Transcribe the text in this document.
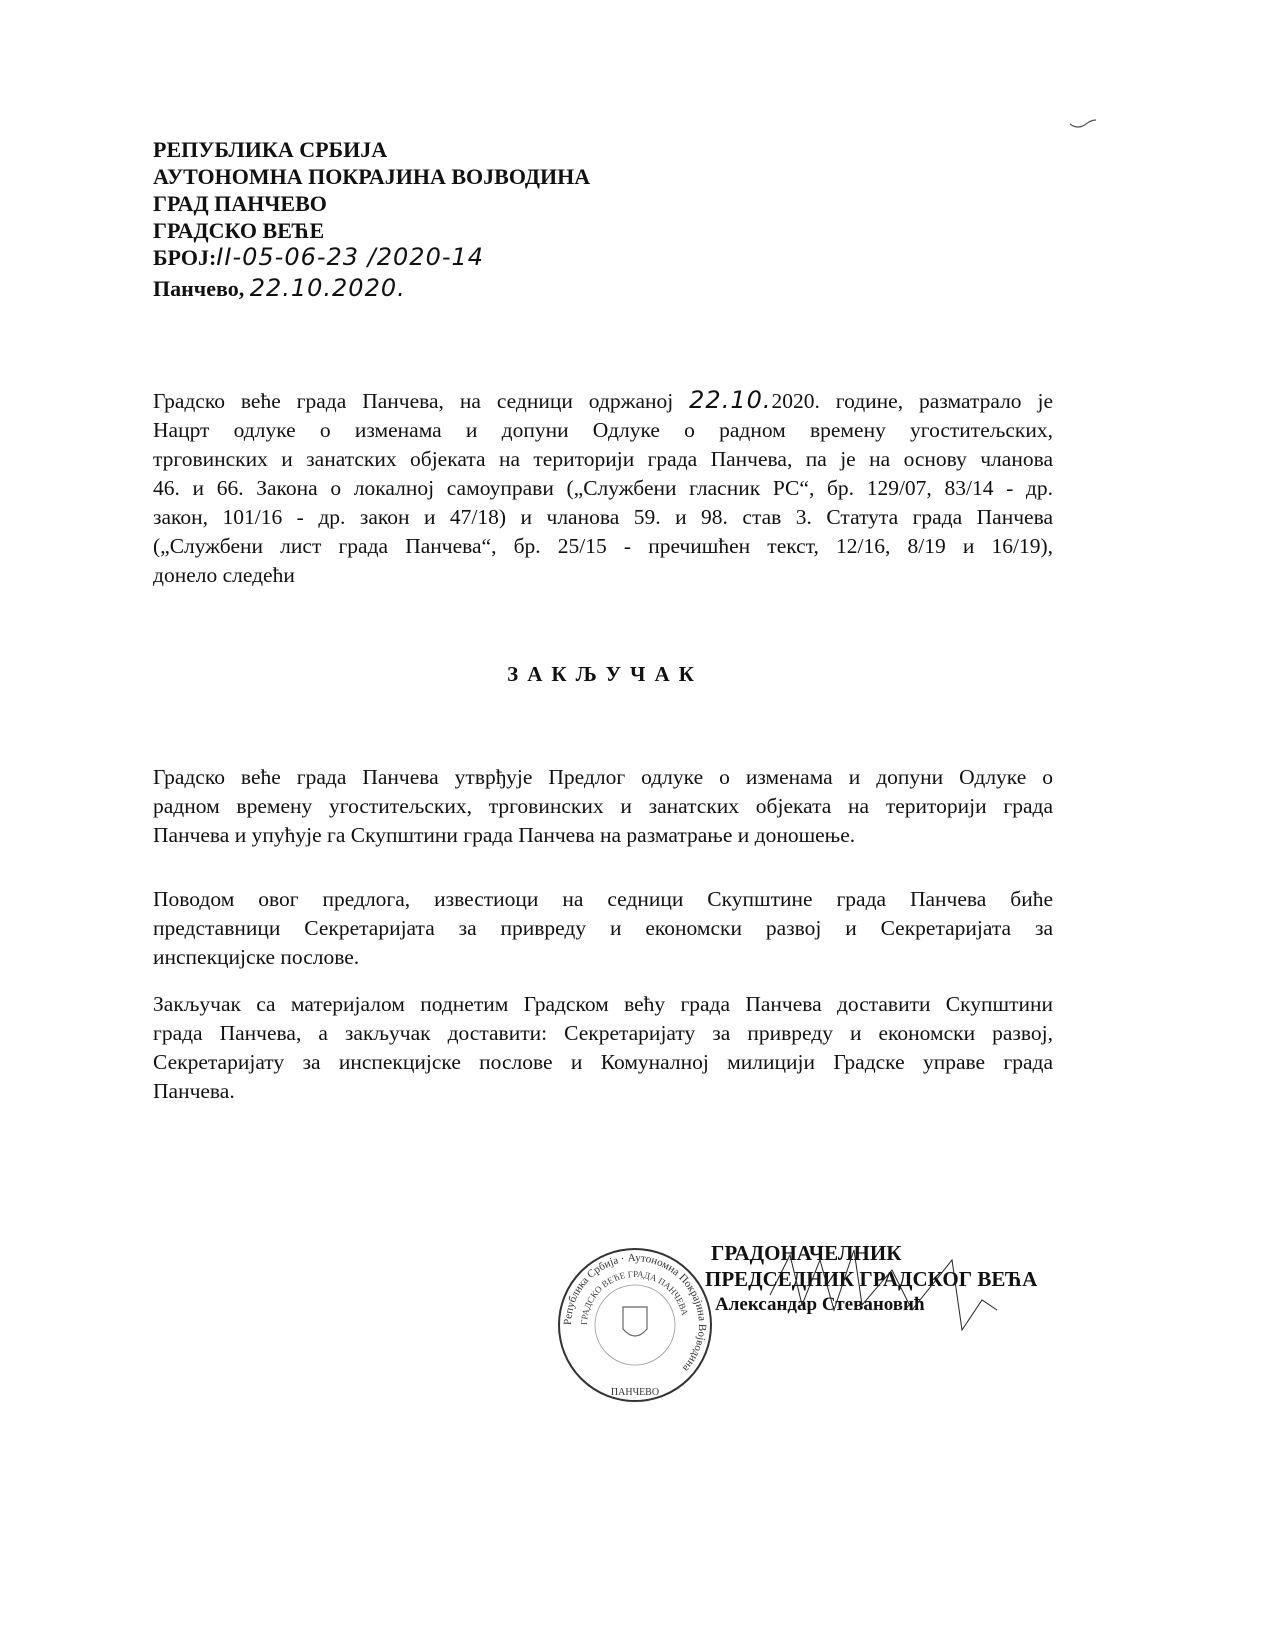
РЕПУБЛИКА СРБИЈА
АУТОНОМНА ПОКРАЈИНА ВОЈВОДИНА
ГРАД ПАНЧЕВО
ГРАДСКО ВЕЋЕ
БРОЈ:II-05-06-23 /2020-14
Панчево, 22.10.2020.
Градско веће града Панчева, на седници одржаној 22.10.2020. године, разматрало је
Нацрт одлуке о изменама и допуни Одлуке о радном времену угоститељских,
трговинских и занатских објеката на територији града Панчева, па је на основу чланова
46. и 66. Закона о локалној самоуправи („Службени гласник РС“, бр. 129/07, 83/14 - др.
закон, 101/16 - др. закон и 47/18) и чланова 59. и 98. став 3. Статута града Панчева
(„Службени лист града Панчева“, бр. 25/15 - пречишћен текст, 12/16, 8/19 и 16/19),
донело следећи
ЗАКЉУЧАК
Градско веће града Панчева утврђује Предлог одлуке о изменама и допуни Одлуке о
радном времену угоститељских, трговинских и занатских објеката на територији града
Панчева и упућује га Скупштини града Панчева на разматрање и доношење.
Поводом овог предлога, известиоци на седници Скупштине града Панчева биће
представници Секретаријата за привреду и економски развој и Секретаријата за
инспекцијске послове.
Закључак са материјалом поднетим Градском већу града Панчева доставити Скупштини
града Панчева, а закључак доставити: Секретаријату за привреду и економски развој,
Секретаријату за инспекцијске послове и Комуналној милицији Градске управе града
Панчева.
Република Србија · Аутономна Покрајина Војводина
ГРАДСКО ВЕЋЕ ГРАДА ПАНЧЕВА
ПАНЧЕВО
ГРАДОНАЧЕЛНИК
ПРЕДСЕДНИК ГРАДСКОГ ВЕЋА
Александар Стевановић
